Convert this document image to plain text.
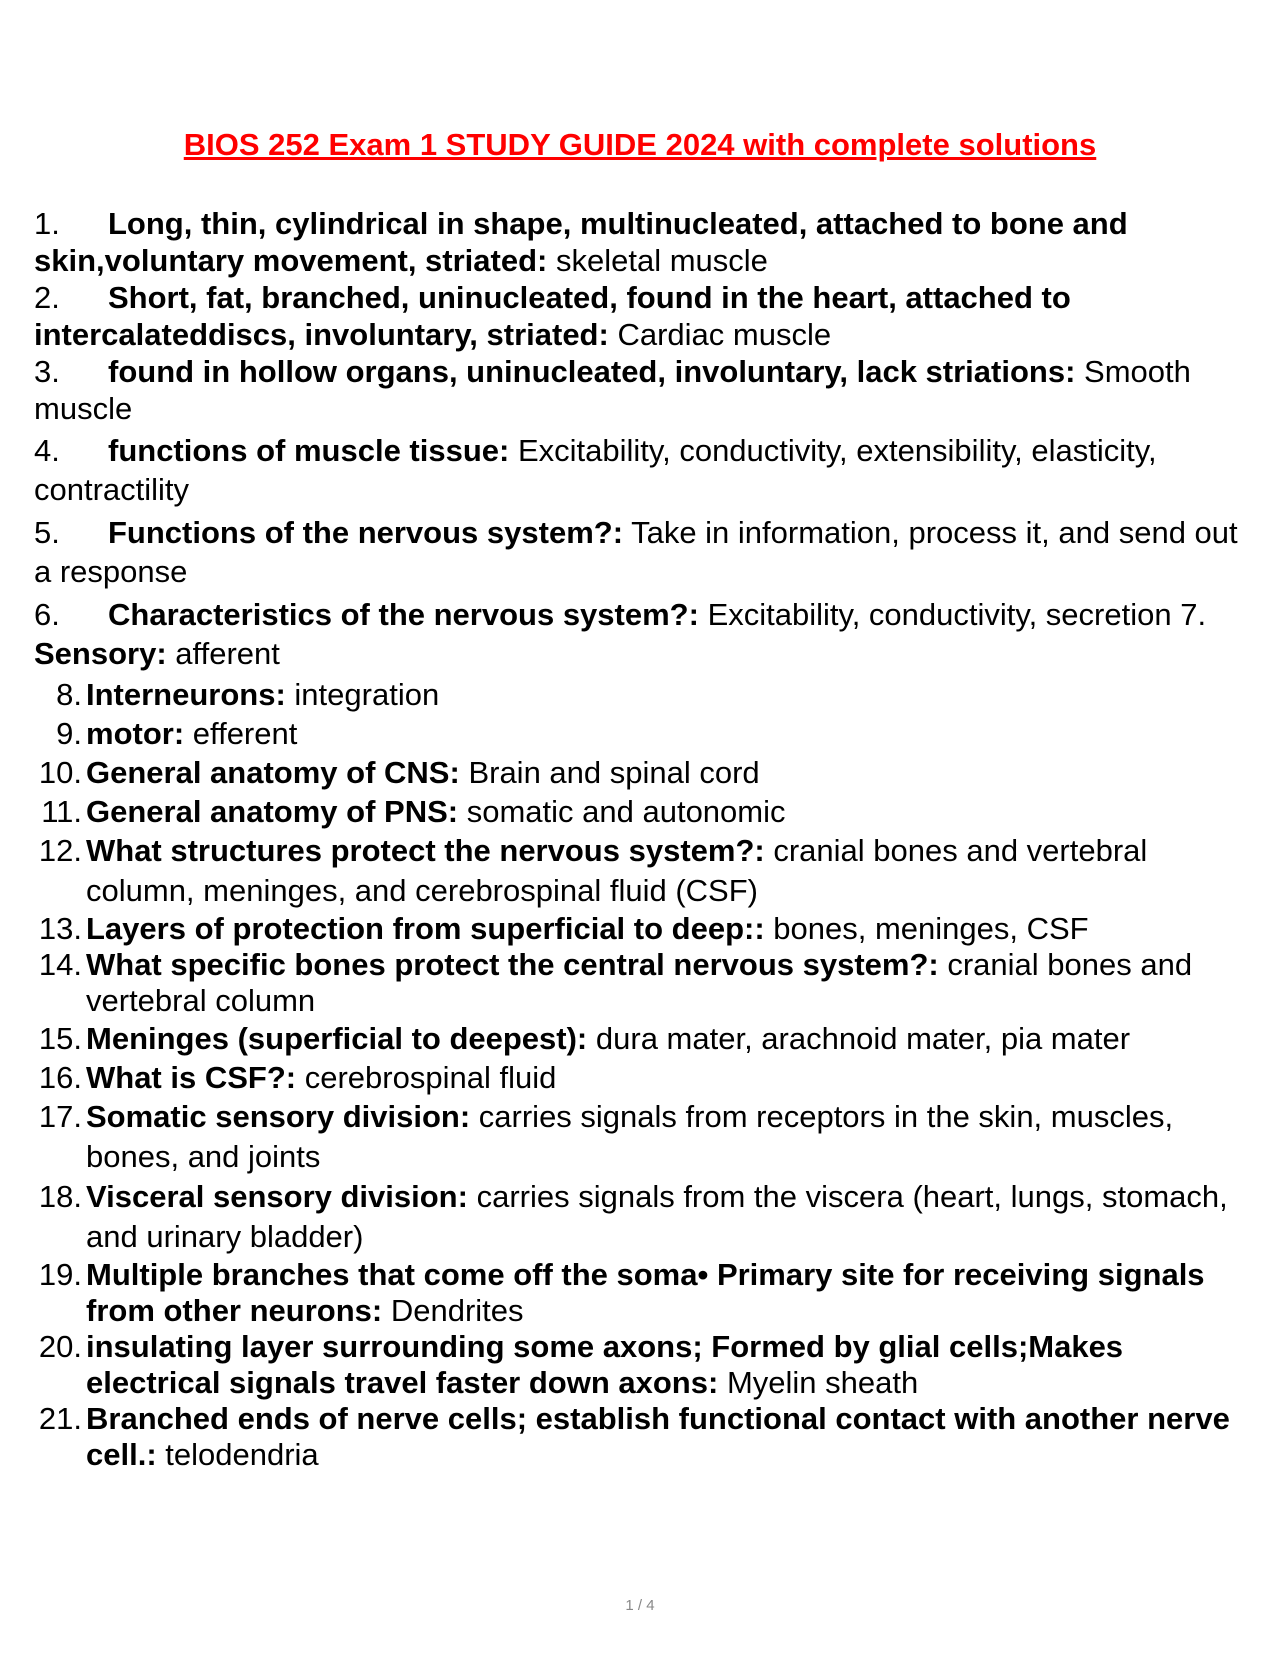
BIOS 252 Exam 1 STUDY GUIDE 2024 with complete solutions

1. Long, thin, cylindrical in shape, multinucleated, attached to bone and skin,voluntary movement, striated: skeletal muscle

2. Short, fat, branched, uninucleated, found in the heart, attached to intercalateddiscs, involuntary, striated: Cardiac muscle

3. found in hollow organs, uninucleated, involuntary, lack striations: Smooth muscle

4. functions of muscle tissue: Excitability, conductivity, extensibility, elasticity, contractility

5. Functions of the nervous system?: Take in information, process it, and send out a response

6. Characteristics of the nervous system?: Excitability, conductivity, secretion 7. Sensory: afferent

8. Interneurons: integration
9. motor: efferent
10. General anatomy of CNS: Brain and spinal cord
11. General anatomy of PNS: somatic and autonomic
12. What structures protect the nervous system?: cranial bones and vertebral column, meninges, and cerebrospinal fluid (CSF)
13. Layers of protection from superficial to deep:: bones, meninges, CSF
14. What specific bones protect the central nervous system?: cranial bones and vertebral column
15. Meninges (superficial to deepest): dura mater, arachnoid mater, pia mater
16. What is CSF?: cerebrospinal fluid
17. Somatic sensory division: carries signals from receptors in the skin, muscles, bones, and joints
18. Visceral sensory division: carries signals from the viscera (heart, lungs, stomach, and urinary bladder)
19. Multiple branches that come off the soma• Primary site for receiving signals from other neurons: Dendrites
20. insulating layer surrounding some axons; Formed by glial cells;Makes electrical signals travel faster down axons: Myelin sheath
21. Branched ends of nerve cells; establish functional contact with another nerve cell.: telodendria
1 / 4
